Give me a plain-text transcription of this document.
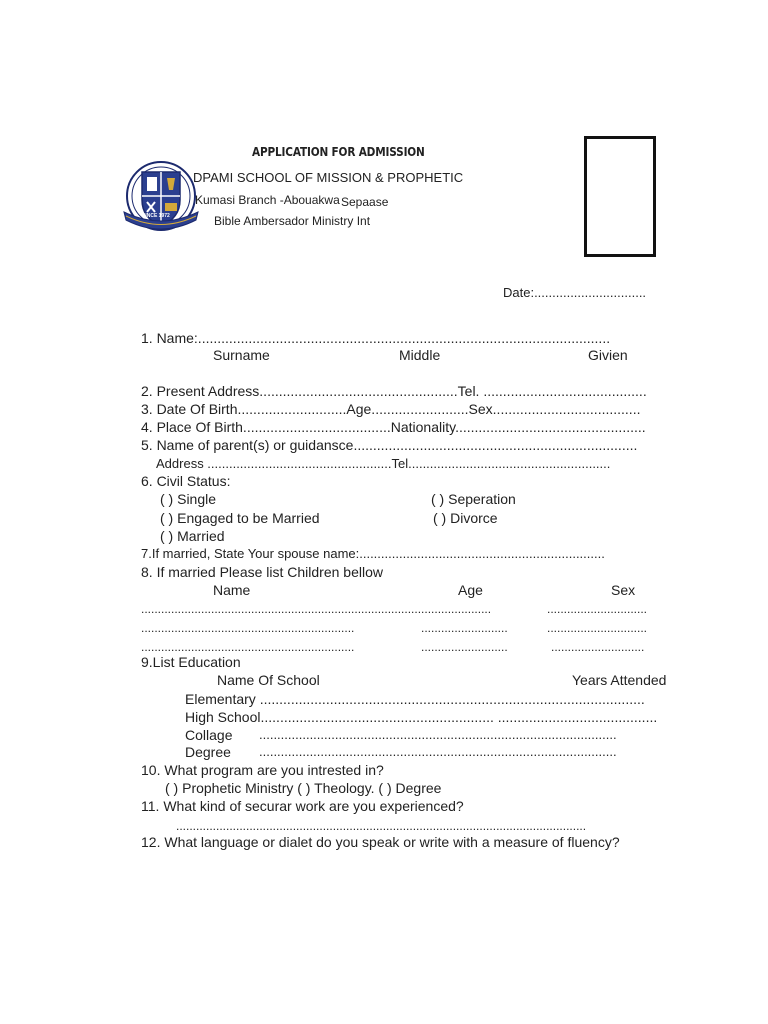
SINCE 1972
APPLICATION FOR ADMISSION
DPAMI SCHOOL OF MISSION & PROPHETIC
Kumasi Branch -Abouakwa Sepaase
Bible Ambersador Ministry Int
Date:...............................
1. Name:..........................................................................................................
Surname	Middle	Givien
2. Present Address...................................................Tel. ..........................................
3. Date Of Birth............................Age.........................Sex......................................
4. Place Of Birth......................................Nationality.................................................
5. Name of parent(s) or guidansce.........................................................................
Address ...................................................Tel........................................................
6. Civil Status:
( ) Single	( ) Seperation
( ) Engaged to be Married	( ) Divorce
( ) Married
7.If married, State Your spouse name:....................................................................
8. If married Please list Children bellow
Name	Age	Sex
.........................................................................................................	..............................
................................................................	..........................	..............................
................................................................	..........................	............................
9.List Education
Name Of School	Years Attended
Elementary ...................................................................................................
High School............................................................ .........................................
Collage ...................................................................................................
Degree ...................................................................................................
10. What program are you intrested in?
( ) Prophetic Ministry ( ) Theology. ( ) Degree
11. What kind of securar work are you experienced?
...........................................................................................................................
12. What language or dialet do you speak or write with a measure of fluency?
